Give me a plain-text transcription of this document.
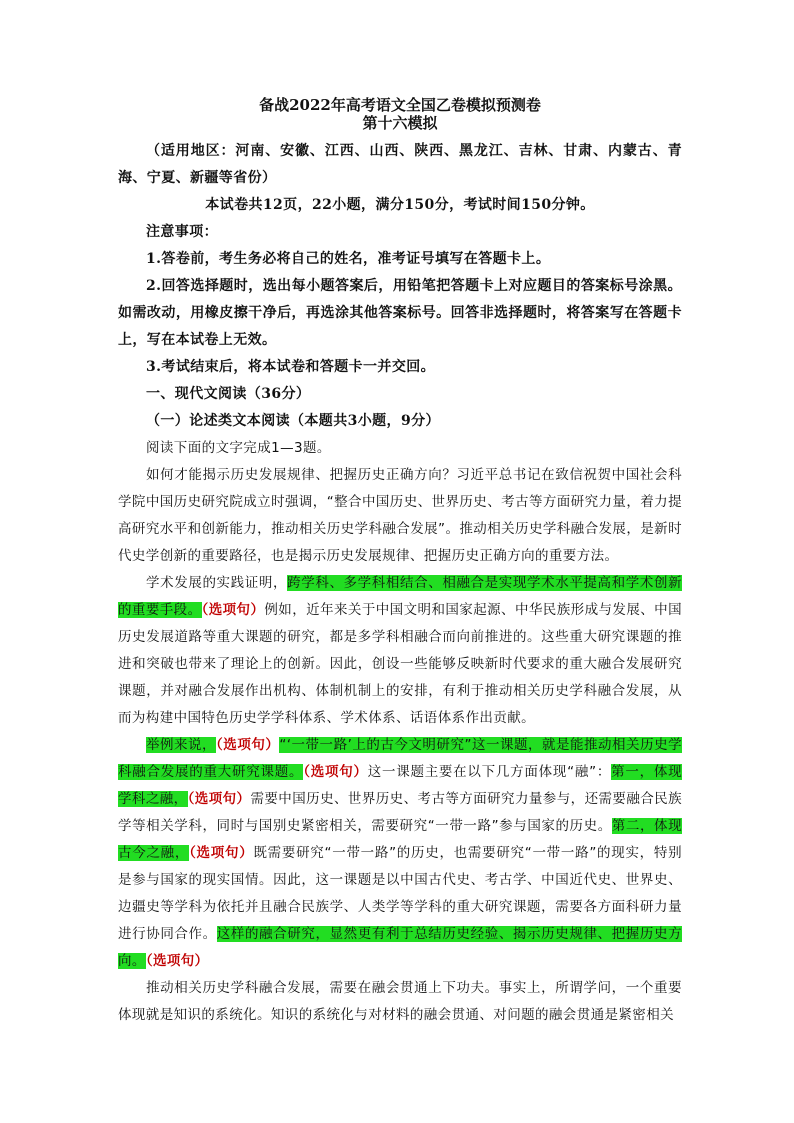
备战2022年高考语文全国乙卷模拟预测卷
第十六模拟

（适用地区：河南、安徽、江西、山西、陕西、黑龙江、吉林、甘肃、内蒙古、青海、宁夏、新疆等省份）

本试卷共12页，22小题，满分150分，考试时间150分钟。

注意事项：

1.答卷前，考生务必将自己的姓名，准考证号填写在答题卡上。

2.回答选择题时，选出每小题答案后，用铅笔把答题卡上对应题目的答案标号涂黑。如需改动，用橡皮擦干净后，再选涂其他答案标号。回答非选择题时，将答案写在答题卡上，写在本试卷上无效。

3.考试结束后，将本试卷和答题卡一并交回。

一、现代文阅读（36分）

（一）论述类文本阅读（本题共3小题，9分）

阅读下面的文字完成1—3题。

如何才能揭示历史发展规律、把握历史正确方向？习近平总书记在致信祝贺中国社会科学院中国历史研究院成立时强调，“整合中国历史、世界历史、考古等方面研究力量，着力提高研究水平和创新能力，推动相关历史学科融合发展”。推动相关历史学科融合发展，是新时代史学创新的重要路径，也是揭示历史发展规律、把握历史正确方向的重要方法。

学术发展的实践证明，跨学科、多学科相结合、相融合是实现学术水平提高和学术创新的重要手段。（选项句）例如，近年来关于中国文明和国家起源、中华民族形成与发展、中国历史发展道路等重大课题的研究，都是多学科相融合而向前推进的。这些重大研究课题的推进和突破也带来了理论上的创新。因此，创设一些能够反映新时代要求的重大融合发展研究课题，并对融合发展作出机构、体制机制上的安排，有利于推动相关历史学科融合发展，从而为构建中国特色历史学学科体系、学术体系、话语体系作出贡献。

举例来说，（选项句）“‘一带一路’上的古今文明研究”这一课题，就是能推动相关历史学科融合发展的重大研究课题。（选项句）这一课题主要在以下几方面体现“融”：第一，体现学科之融，（选项句）需要中国历史、世界历史、考古等方面研究力量参与，还需要融合民族学等相关学科，同时与国别史紧密相关，需要研究“一带一路”参与国家的历史。第二，体现古今之融，（选项句）既需要研究“一带一路”的历史，也需要研究“一带一路”的现实，特别是参与国家的现实国情。因此，这一课题是以中国古代史、考古学、中国近代史、世界史、边疆史等学科为依托并且融合民族学、人类学等学科的重大研究课题，需要各方面科研力量进行协同合作。这样的融合研究，显然更有利于总结历史经验、揭示历史规律、把握历史方向。（选项句）

推动相关历史学科融合发展，需要在融会贯通上下功夫。事实上，所谓学问，一个重要体现就是知识的系统化。知识的系统化与对材料的融会贯通、对问题的融会贯通是紧密相关
